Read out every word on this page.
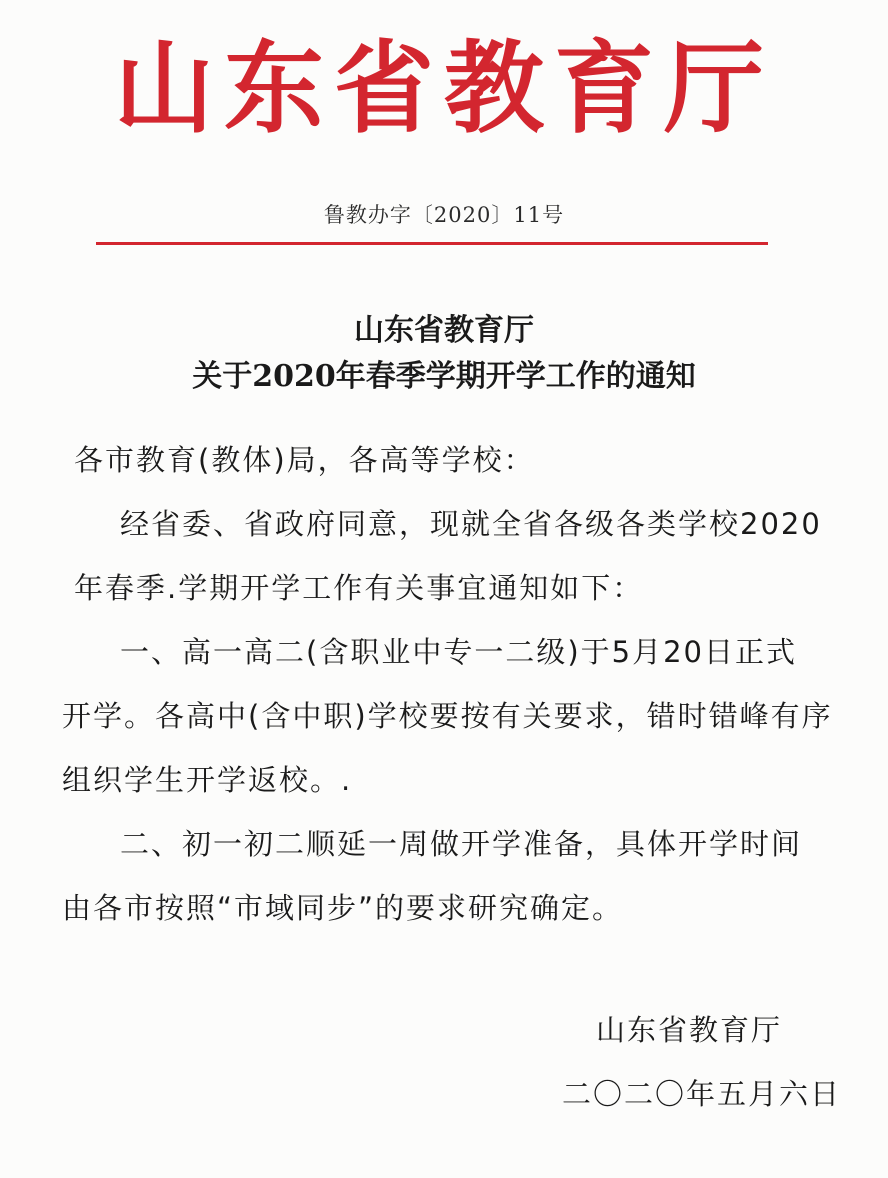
山东省教育厅
鲁教办字〔2020〕11号
山东省教育厅
关于2020年春季学期开学工作的通知
各市教育(教体)局，各高等学校：
经省委、省政府同意，现就全省各级各类学校2020
年春季.学期开学工作有关事宜通知如下：
一、高一高二(含职业中专一二级)于5月20日正式
开学。各高中(含中职)学校要按有关要求，错时错峰有序
组织学生开学返校。.
二、初一初二顺延一周做开学准备，具体开学时间
由各市按照“市域同步”的要求研究确定。
山东省教育厅
二〇二〇年五月六日
